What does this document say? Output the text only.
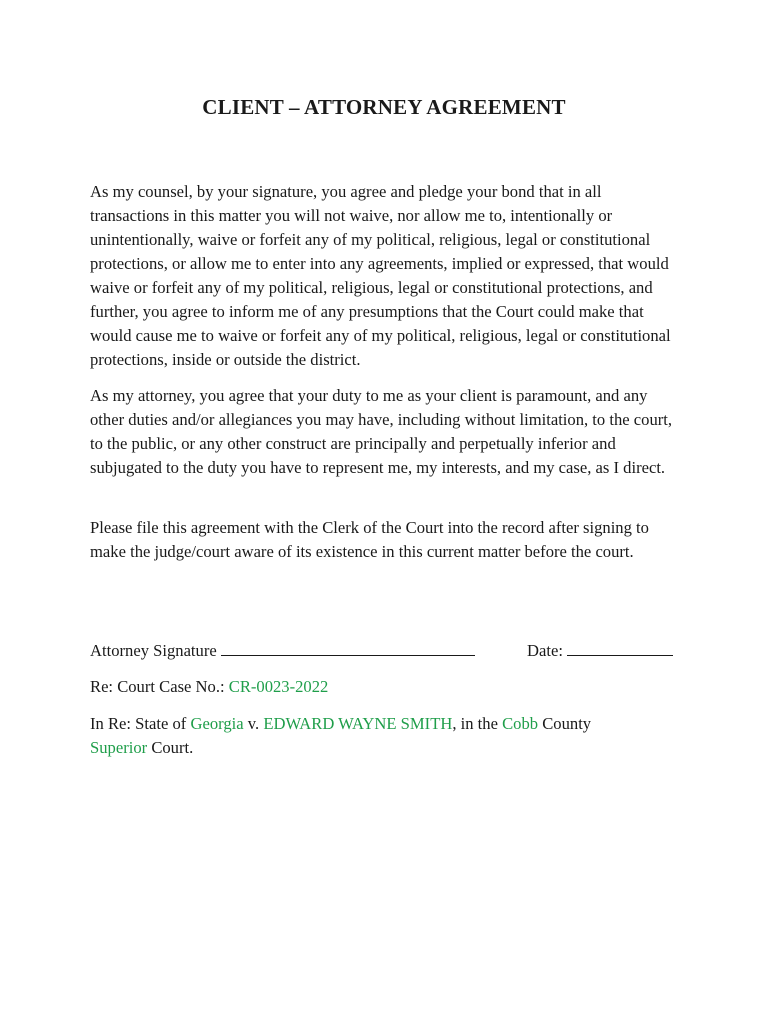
CLIENT – ATTORNEY AGREEMENT

As my counsel, by your signature, you agree and pledge your bond that in all transactions in this matter you will not waive, nor allow me to, intentionally or unintentionally, waive or forfeit any of my political, religious, legal or constitutional protections, or allow me to enter into any agreements, implied or expressed, that would waive or forfeit any of my political, religious, legal or constitutional protections, and further, you agree to inform me of any presumptions that the Court could make that would cause me to waive or forfeit any of my political, religious, legal or constitutional protections, inside or outside the district.

As my attorney, you agree that your duty to me as your client is paramount, and any other duties and/or allegiances you may have, including without limitation, to the court, to the public, or any other construct are principally and perpetually inferior and subjugated to the duty you have to represent me, my interests, and my case, as I direct.

Please file this agreement with the Clerk of the Court into the record after signing to make the judge/court aware of its existence in this current matter before the court.

Attorney Signature	Date:
Re: Court Case No.: CR-0023-2022
In Re: State of Georgia v. EDWARD WAYNE SMITH, in the Cobb County
Superior Court.
